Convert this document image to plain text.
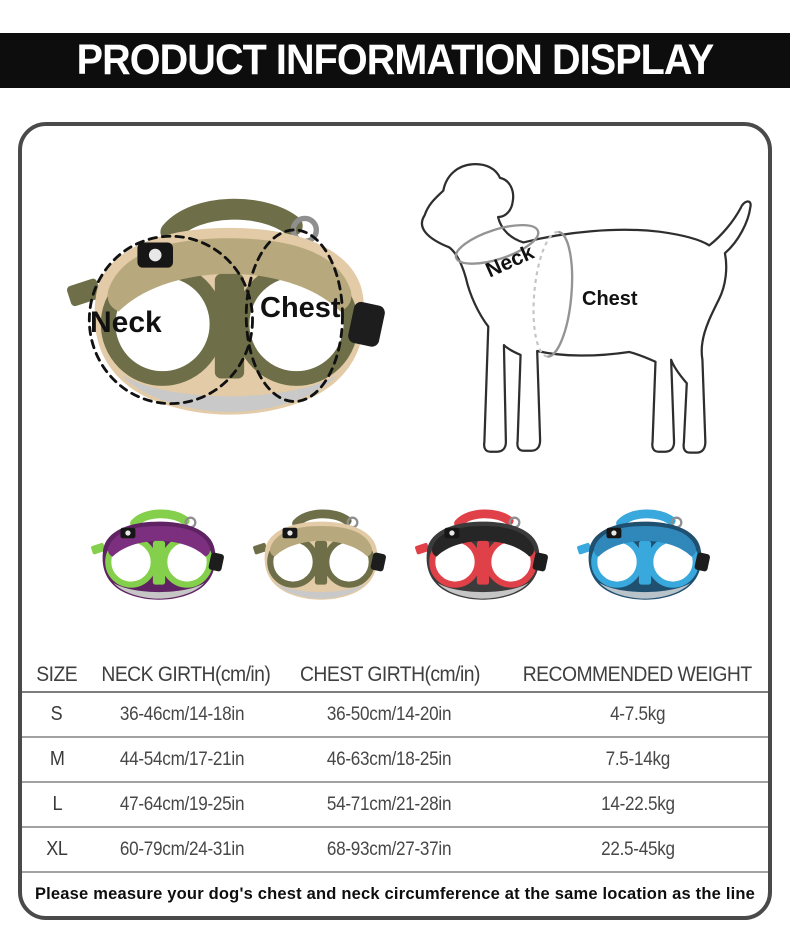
PRODUCT INFORMATION DISPLAY
Neck	Chest
Neck
Chest
SIZE	NECK GIRTH(cm/in)	CHEST GIRTH(cm/in)	RECOMMENDED WEIGHT
S	36-46cm/14-18in	36-50cm/14-20in	4-7.5kg
M	44-54cm/17-21in	46-63cm/18-25in	7.5-14kg
L	47-64cm/19-25in	54-71cm/21-28in	14-22.5kg
XL	60-79cm/24-31in	68-93cm/27-37in	22.5-45kg
Please measure your dog's chest and neck circumference at the same location as the line
